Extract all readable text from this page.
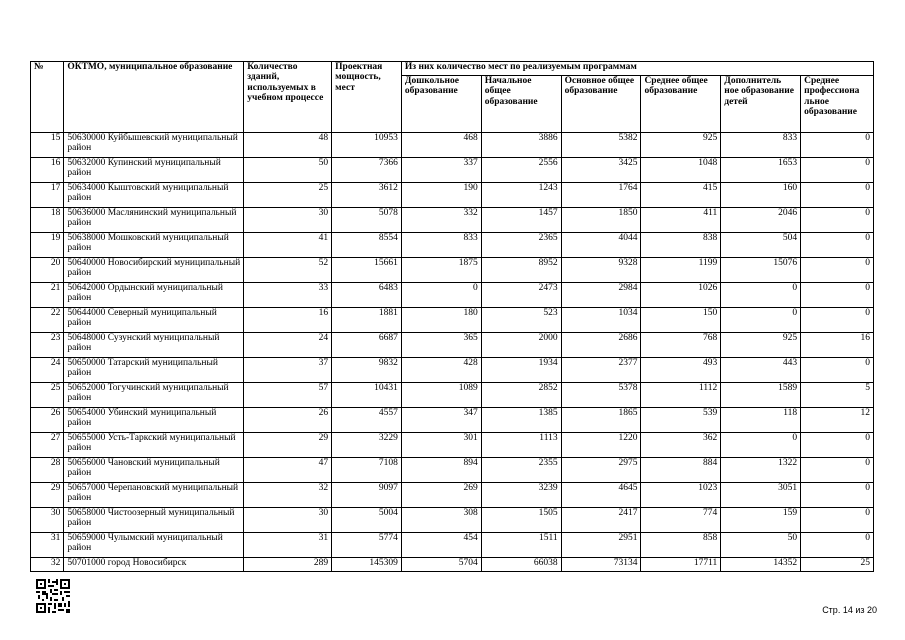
№	ОКТМО, муниципальное образование	Количество зданий, используемых в учебном процессе	Проектная мощность, мест	Из них количество мест по реализуемым программам					
				Дошкольное образование	Начальное общее образование	Основное общее образование	Среднее общее образование	Дополнитель ное образование детей	Среднее профессиона льное образование
15	50630000 Куйбышевский муниципальный район	48	10953	468	3886	5382	925	833	0
16	50632000 Купинский муниципальный район	50	7366	337	2556	3425	1048	1653	0
17	50634000 Кыштовский муниципальный район	25	3612	190	1243	1764	415	160	0
18	50636000 Маслянинский муниципальный район	30	5078	332	1457	1850	411	2046	0
19	50638000 Мошковский муниципальный район	41	8554	833	2365	4044	838	504	0
20	50640000 Новосибирский муниципальный район	52	15661	1875	8952	9328	1199	15076	0
21	50642000 Ордынский муниципальный район	33	6483	0	2473	2984	1026	0	0
22	50644000 Северный муниципальный район	16	1881	180	523	1034	150	0	0
23	50648000 Сузунский муниципальный район	24	6687	365	2000	2686	768	925	16
24	50650000 Татарский муниципальный район	37	9832	428	1934	2377	493	443	0
25	50652000 Тогучинский муниципальный район	57	10431	1089	2852	5378	1112	1589	5
26	50654000 Убинский муниципальный район	26	4557	347	1385	1865	539	118	12
27	50655000 Усть-Таркский муниципальный район	29	3229	301	1113	1220	362	0	0
28	50656000 Чановский муниципальный район	47	7108	894	2355	2975	884	1322	0
29	50657000 Черепановский муниципальный район	32	9097	269	3239	4645	1023	3051	0
30	50658000 Чистоозерный муниципальный район	30	5004	308	1505	2417	774	159	0
31	50659000 Чулымский муниципальный район	31	5774	454	1511	2951	858	50	0
32	50701000 город Новосибирск	289	145309	5704	66038	73134	17711	14352	25
Стр. 14 из 20
